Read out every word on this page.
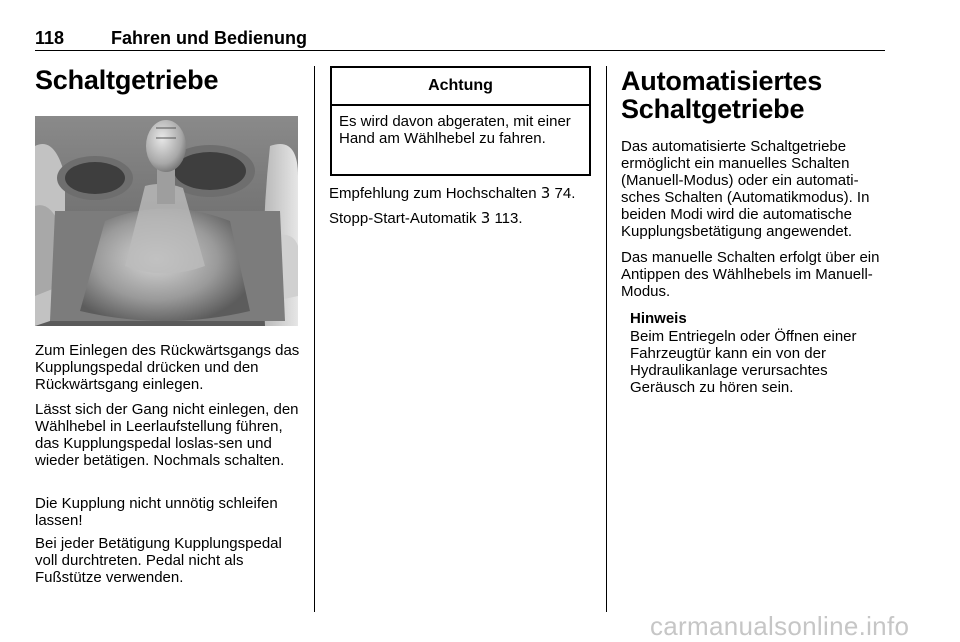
118	Fahren und Bedienung
Schaltgetriebe
Zum Einlegen des Rückwärtsgangs das Kupplungspedal drücken und den Rückwärtsgang einlegen.
Lässt sich der Gang nicht einlegen, den Wählhebel in Leerlaufstellung führen, das Kupplungspedal loslas-sen und wieder betätigen. Nochmals schalten.
Die Kupplung nicht unnötig schleifen lassen!
Bei jeder Betätigung Kupplungspedal voll durchtreten. Pedal nicht als Fußstütze verwenden.
Achtung
Es wird davon abgeraten, mit einer Hand am Wählhebel zu fahren.
Empfehlung zum Hochschalten 3 74.
Stopp-Start-Automatik 3 113.
Automatisiertes
Schaltgetriebe
Das automatisierte Schaltgetriebe ermöglicht ein manuelles Schalten (Manuell-Modus) oder ein automati-sches Schalten (Automatikmodus). In beiden Modi wird die automatische Kupplungsbetätigung angewendet.
Das manuelle Schalten erfolgt über ein Antippen des Wählhebels im Manuell-Modus.
Hinweis
Beim Entriegeln oder Öffnen einer Fahrzeugtür kann ein von der Hydraulikanlage verursachtes Geräusch zu hören sein.
carmanualsonline.info
